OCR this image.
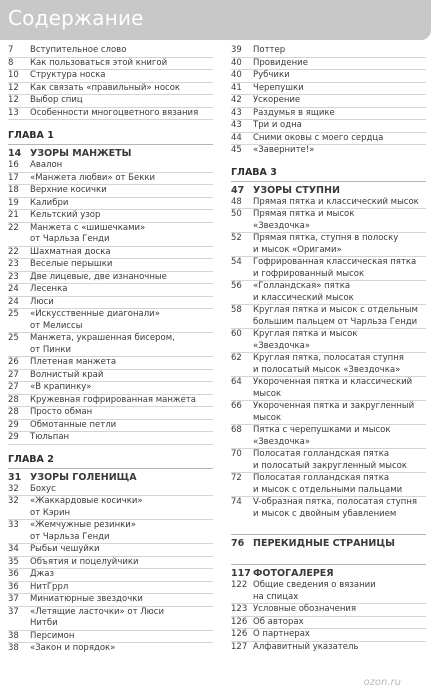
Содержание
7	Вступительное слово
8	Как пользоваться этой книгой
10	Структура носка
12	Как связать «правильный» носок
12	Выбор спиц
13	Особенности многоцветного вязания
ГЛАВА 1
14 УЗОРЫ МАНЖЕТЫ
16	Авалон
17	«Манжета любви» от Бекки
18	Верхние косички
19	Калибри
21	Кельтский узор
22	Манжета с «шишечками»
от Чарльза Генди
22	Шахматная доска
23	Веселые перышки
23	Две лицевые, две изнаночные
24	Лесенка
24	Люси
25	«Искусственные диагонали»
от Мелиссы
25	Манжета, украшенная бисером,
от Пинки
26	Плетеная манжета
27	Волнистый край
27	«В крапинку»
28	Кружевная гофрированная манжета
28	Просто обман
29	Обмотанные петли
29	Тюльпан
ГЛАВА 2
31 УЗОРЫ ГОЛЕНИЩА
32	Бохус
32	«Жаккардовые косички»
от Кэрин
33	«Жемчужные резинки»
от Чарльза Генди
34	Рыбьи чешуйки
35	Объятия и поцелуйчики
36	Джаз
36	НитГррл
37	Миниатюрные звездочки
37	«Летящие ласточки» от Люси
Нитби
38	Персимон
38	«Закон и порядок»
39	Поттер
40	Провидение
40	Рубчики
41	Черепушки
42	Ускорение
43	Раздумья в ящике
43	Три и одна
44	Сними оковы с моего сердца
45	«Заверните!»
ГЛАВА 3
47 УЗОРЫ СТУПНИ
48	Прямая пятка и классический мысок
50	Прямая пятка и мысок
«Звездочка»
52	Прямая пятка, ступня в полоску
и мысок «Оригами»
54	Гофрированная классическая пятка
и гофрированный мысок
56	«Голландская» пятка
и классический мысок
58	Круглая пятка и мысок с отдельным
большим пальцем от Чарльза Генди
60	Круглая пятка и мысок
«Звездочка»
62	Круглая пятка, полосатая ступня
и полосатый мысок «Звездочка»
64	Укороченная пятка и классический
мысок
66	Укороченная пятка и закругленный
мысок
68	Пятка с черепушками и мысок
«Звездочка»
70	Полосатая голландская пятка
и полосатый закругленный мысок
72	Полосатая голландская пятка
и мысок с отдельными пальцами
74	V-образная пятка, полосатая ступня
и мысок с двойным убавлением
76 ПЕРЕКИДНЫЕ СТРАНИЦЫ
117 ФОТОГАЛЕРЕЯ
122 Общие сведения о вязании
на спицах
123 Условные обозначения
126 Об авторах
126 О партнерах
127 Алфавитный указатель
ozon.ru
